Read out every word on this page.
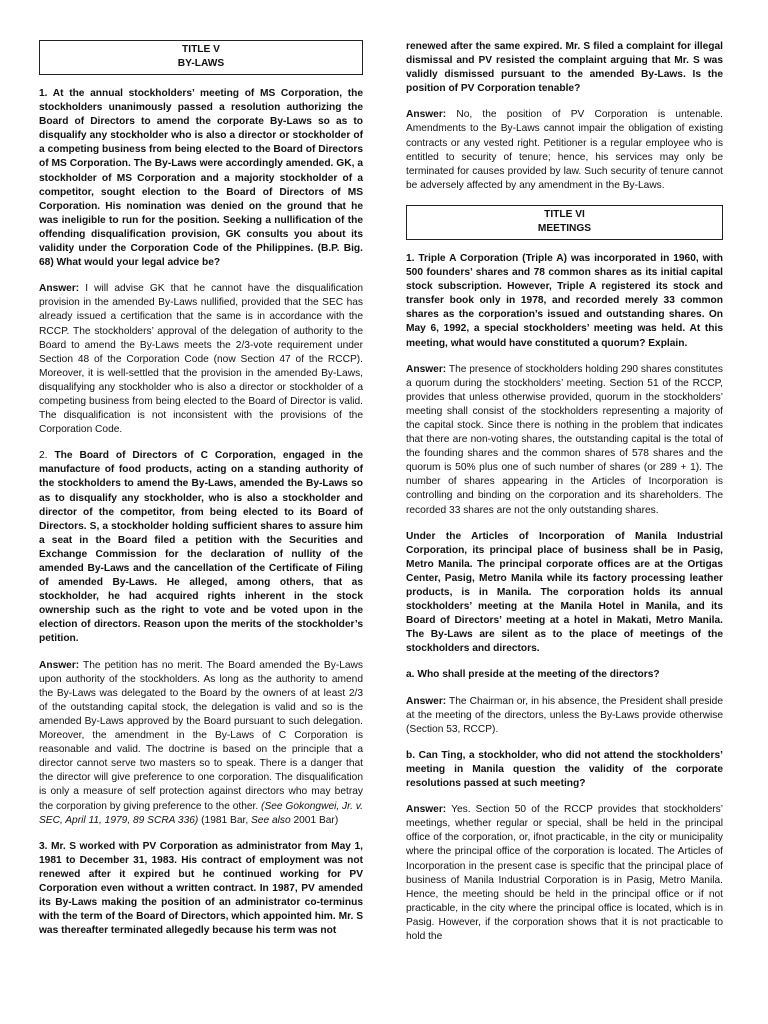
TITLE V
BY-LAWS

1. At the annual stockholders’ meeting of MS Corporation, the stockholders unanimously passed a resolution authorizing the Board of Directors to amend the corporate By-Laws so as to disqualify any stockholder who is also a director or stockholder of a competing business from being elected to the Board of Directors of MS Corporation. The By-Laws were accordingly amended. GK, a stockholder of MS Corporation and a majority stockholder of a competitor, sought election to the Board of Directors of MS Corporation. His nomination was denied on the ground that he was ineligible to run for the position. Seeking a nullification of the offending disqualification provision, GK consults you about its validity under the Corporation Code of the Philippines. (B.P. Big. 68) What would your legal advice be?

Answer: I will advise GK that he cannot have the disqualification provision in the amended By-Laws nullified, provided that the SEC has already issued a certification that the same is in accordance with the RCCP. The stockholders’ approval of the delegation of authority to the Board to amend the By-Laws meets the 2/3-vote requirement under Section 48 of the Corporation Code (now Section 47 of the RCCP). Moreover, it is well-settled that the provision in the amended By-Laws, disqualifying any stockholder who is also a director or stockholder of a competing business from being elected to the Board of Director is valid. The disqualification is not inconsistent with the provisions of the Corporation Code.

2. The Board of Directors of C Corporation, engaged in the manufacture of food products, acting on a standing authority of the stockholders to amend the By-Laws, amended the By-Laws so as to disqualify any stockholder, who is also a stockholder and director of the competitor, from being elected to its Board of Directors. S, a stockholder holding sufficient shares to assure him a seat in the Board filed a petition with the Securities and Exchange Commission for the declaration of nullity of the amended By-Laws and the cancellation of the Certificate of Filing of amended By-Laws. He alleged, among others, that as stockholder, he had acquired rights inherent in the stock ownership such as the right to vote and be voted upon in the election of directors. Reason upon the merits of the stockholder’s petition.

Answer: The petition has no merit. The Board amended the By-Laws upon authority of the stockholders. As long as the authority to amend the By-Laws was delegated to the Board by the owners of at least 2/3 of the outstanding capital stock, the delegation is valid and so is the amended By-Laws approved by the Board pursuant to such delegation. Moreover, the amendment in the By-Laws of C Corporation is reasonable and valid. The doctrine is based on the principle that a director cannot serve two masters so to speak. There is a danger that the director will give preference to one corporation. The disqualification is only a measure of self protection against directors who may betray the corporation by giving preference to the other. (See Gokongwei, Jr. v. SEC, April 11, 1979, 89 SCRA 336) (1981 Bar, See also 2001 Bar)

3. Mr. S worked with PV Corporation as administrator from May 1, 1981 to December 31, 1983. His contract of employment was not renewed after it expired but he continued working for PV Corporation even without a written contract. In 1987, PV amended its By-Laws making the position of an administrator co-terminus with the term of the Board of Directors, which appointed him. Mr. S was thereafter terminated allegedly because his term was not

renewed after the same expired. Mr. S filed a complaint for illegal dismissal and PV resisted the complaint arguing that Mr. S was validly dismissed pursuant to the amended By-Laws. Is the position of PV Corporation tenable?

Answer: No, the position of PV Corporation is untenable. Amendments to the By-Laws cannot impair the obligation of existing contracts or any vested right. Petitioner is a regular employee who is entitled to security of tenure; hence, his services may only be terminated for causes provided by law. Such security of tenure cannot be adversely affected by any amendment in the By-Laws.

TITLE VI
MEETINGS

1. Triple A Corporation (Triple A) was incorporated in 1960, with 500 founders’ shares and 78 common shares as its initial capital stock subscription. However, Triple A registered its stock and transfer book only in 1978, and recorded merely 33 common shares as the corporation’s issued and outstanding shares. On May 6, 1992, a special stockholders’ meeting was held. At this meeting, what would have constituted a quorum? Explain.

Answer: The presence of stockholders holding 290 shares constitutes a quorum during the stockholders’ meeting. Section 51 of the RCCP, provides that unless otherwise provided, quorum in the stockholders’ meeting shall consist of the stockholders representing a majority of the capital stock. Since there is nothing in the problem that indicates that there are non-voting shares, the outstanding capital is the total of the founding shares and the common shares of 578 shares and the quorum is 50% plus one of such number of shares (or 289 + 1). The number of shares appearing in the Articles of Incorporation is controlling and binding on the corporation and its shareholders. The recorded 33 shares are not the only outstanding shares.

Under the Articles of Incorporation of Manila Industrial Corporation, its principal place of business shall be in Pasig, Metro Manila. The principal corporate offices are at the Ortigas Center, Pasig, Metro Manila while its factory processing leather products, is in Manila. The corporation holds its annual stockholders’ meeting at the Manila Hotel in Manila, and its Board of Directors’ meeting at a hotel in Makati, Metro Manila. The By-Laws are silent as to the place of meetings of the stockholders and directors.

a. Who shall preside at the meeting of the directors?

Answer: The Chairman or, in his absence, the President shall preside at the meeting of the directors, unless the By-Laws provide otherwise (Section 53, RCCP).

b. Can Ting, a stockholder, who did not attend the stockholders’ meeting in Manila question the validity of the corporate resolutions passed at such meeting?

Answer: Yes. Section 50 of the RCCP provides that stockholders’ meetings, whether regular or special, shall be held in the principal office of the corporation, or, ifnot practicable, in the city or municipality where the principal office of the corporation is located. The Articles of Incorporation in the present case is specific that the principal place of business of Manila Industrial Corporation is in Pasig, Metro Manila. Hence, the meeting should be held in the principal office or if not practicable, in the city where the principal office is located, which is in Pasig. However, if the corporation shows that it is not practicable to hold the
